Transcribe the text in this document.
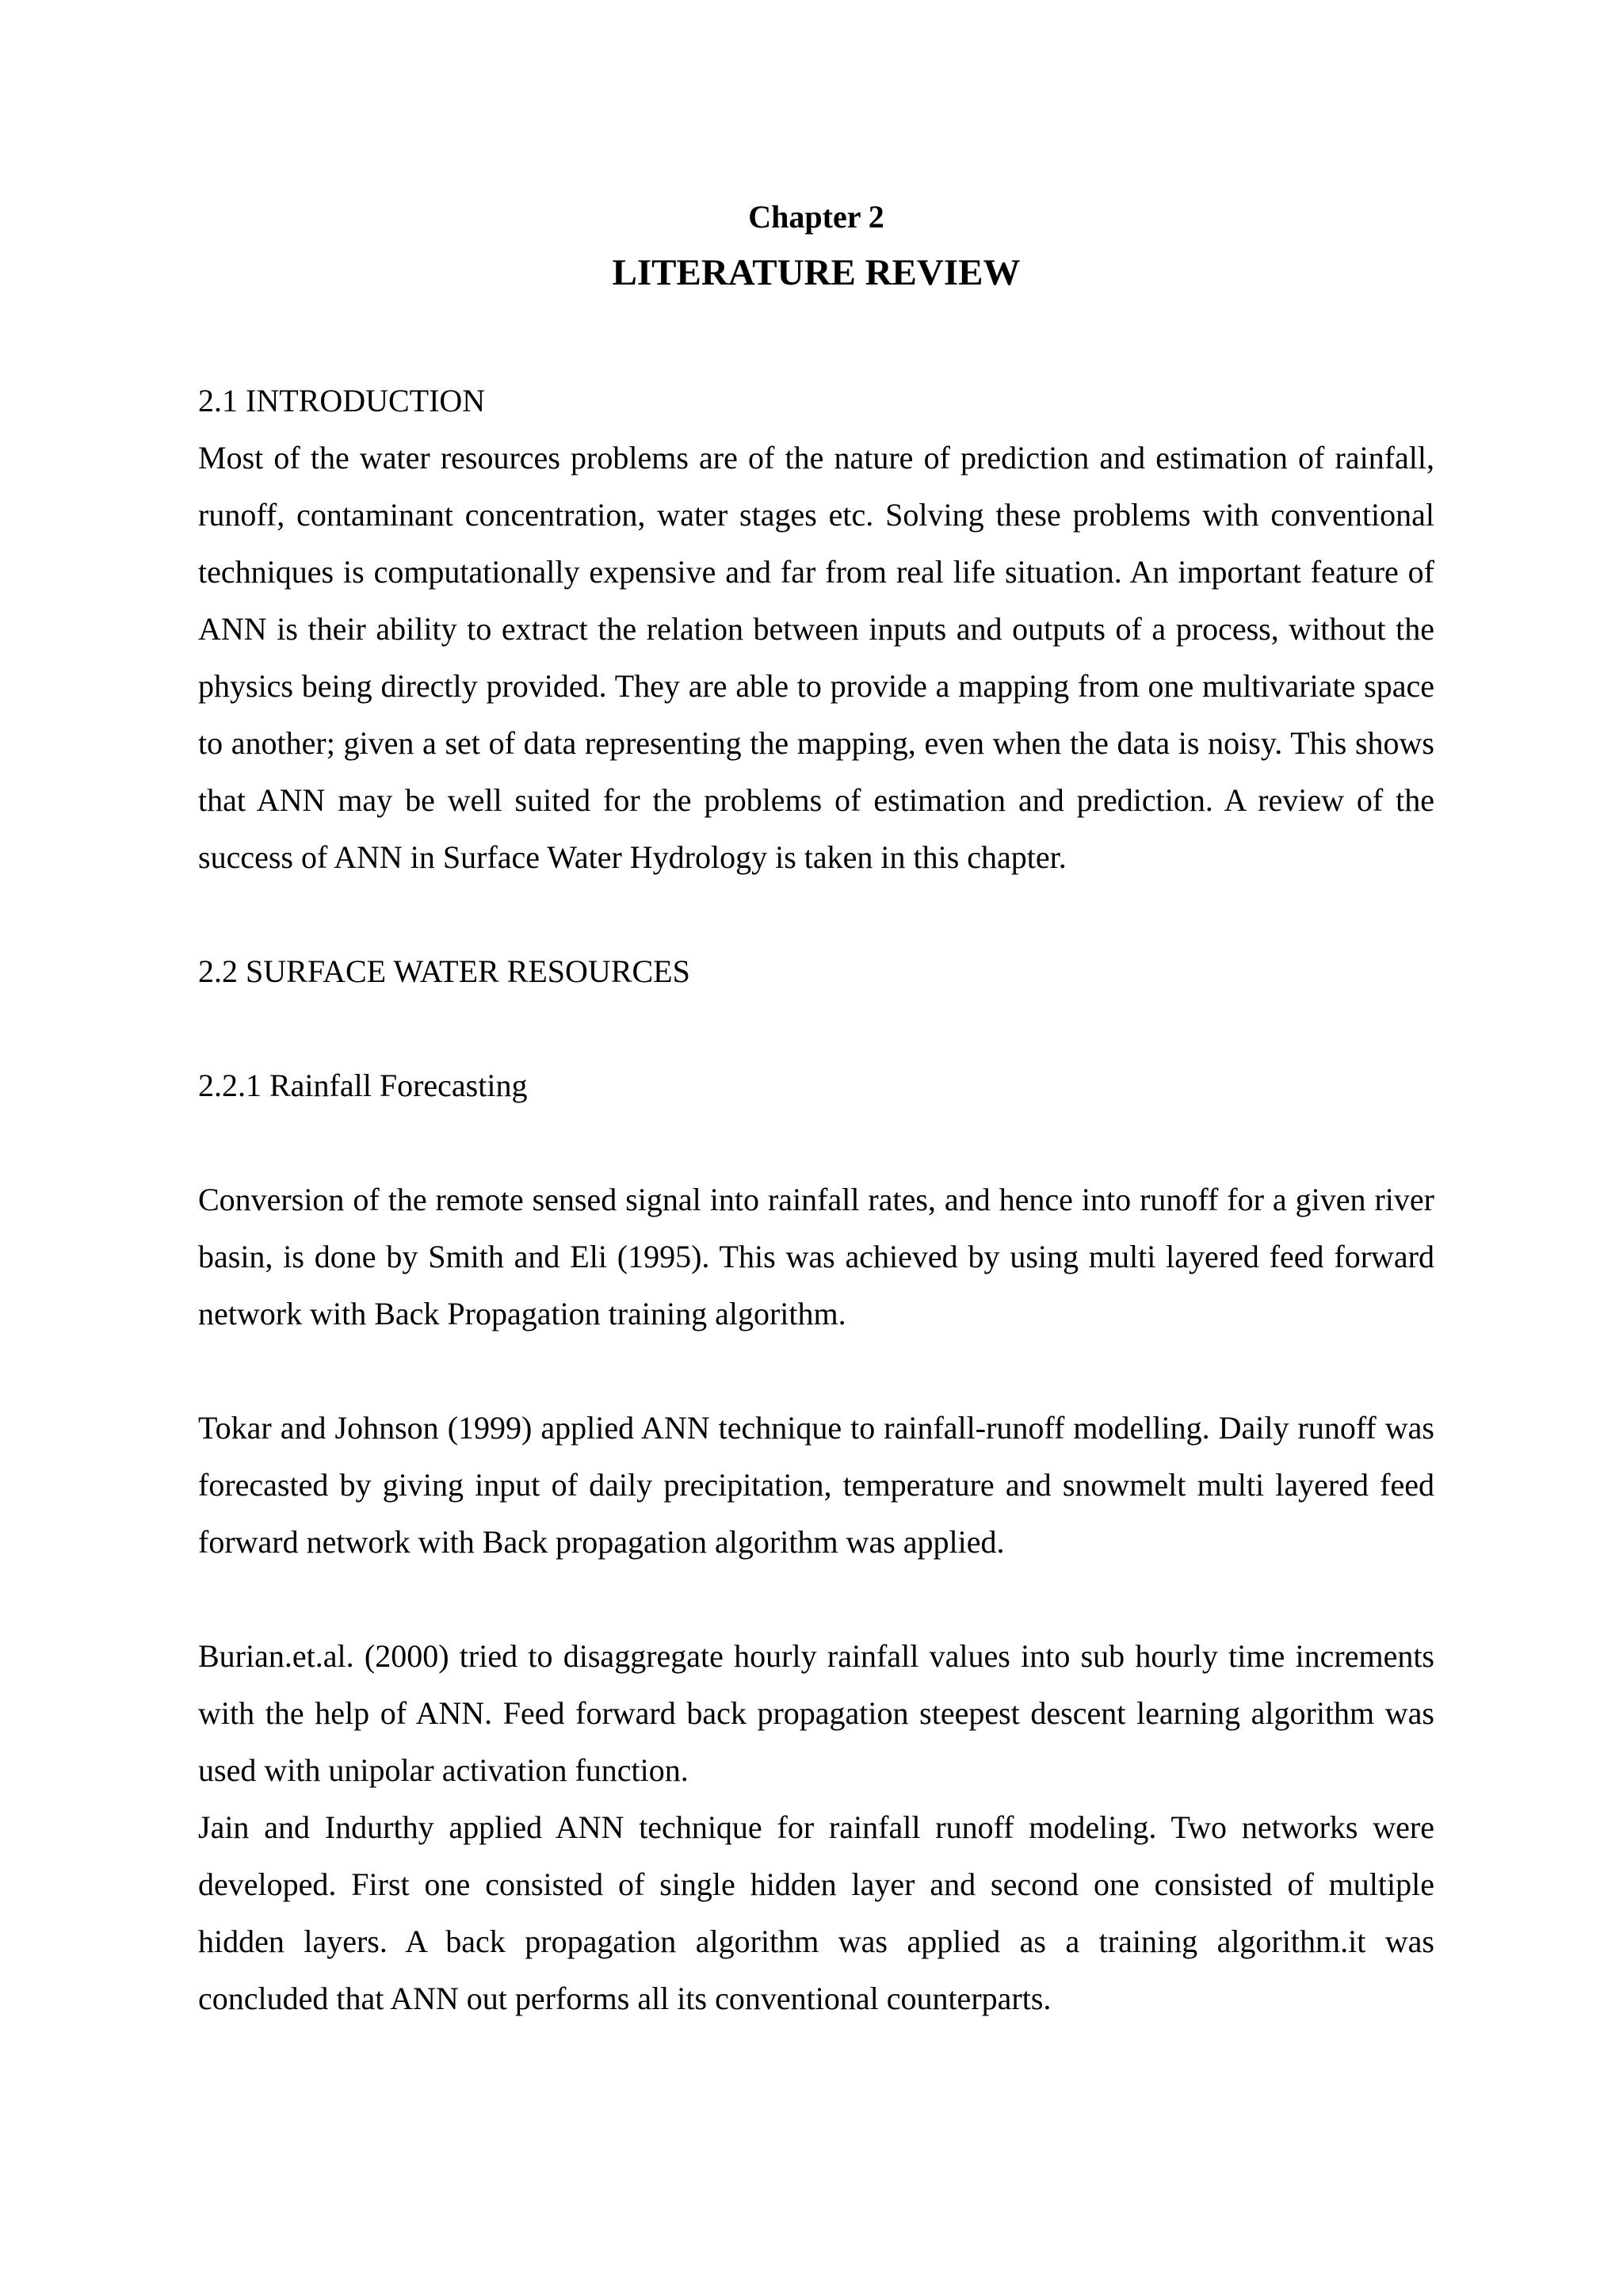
Chapter 2

LITERATURE REVIEW

2.1 INTRODUCTION

Most of the water resources problems are of the nature of prediction and estimation of rainfall, runoff, contaminant concentration, water stages etc. Solving these problems with conventional techniques is computationally expensive and far from real life situation. An important feature of ANN is their ability to extract the relation between inputs and outputs of a process, without the physics being directly provided. They are able to provide a mapping from one multivariate space to another; given a set of data representing the mapping, even when the data is noisy. This shows that ANN may be well suited for the problems of estimation and prediction. A review of the success of ANN in Surface Water Hydrology is taken in this chapter.

2.2 SURFACE WATER RESOURCES

2.2.1 Rainfall Forecasting

Conversion of the remote sensed signal into rainfall rates, and hence into runoff for a given river basin, is done by Smith and Eli (1995). This was achieved by using multi layered feed forward network with Back Propagation training algorithm.

Tokar and Johnson (1999) applied ANN technique to rainfall-runoff modelling. Daily runoff was forecasted by giving input of daily precipitation, temperature and snowmelt multi layered feed forward network with Back propagation algorithm was applied.

Burian.et.al. (2000) tried to disaggregate hourly rainfall values into sub hourly time increments with the help of ANN. Feed forward back propagation steepest descent learning algorithm was used with unipolar activation function.

Jain and Indurthy applied ANN technique for rainfall runoff modeling. Two networks were developed. First one consisted of single hidden layer and second one consisted of multiple hidden layers. A back propagation algorithm was applied as a training algorithm.it was concluded that ANN out performs all its conventional counterparts.
